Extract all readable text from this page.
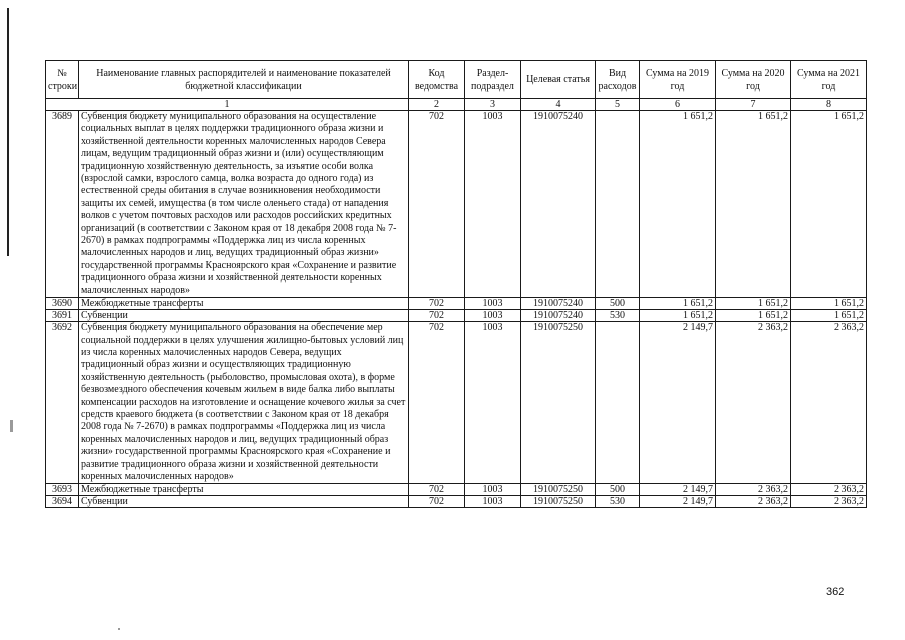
№ строки	Наименование главных распорядителей и наименование показателей бюджетной классификации	Код ведомства	Раздел-подраздел	Целевая статья	Вид расходов	Сумма на 2019 год	Сумма на 2020 год	Сумма на 2021 год
1		2	3	4	5	6	7	8
3689	Субвенция бюджету муниципального образования на осуществление социальных выплат в целях поддержки традиционного образа жизни и хозяйственной деятельности коренных малочисленных народов Севера лицам, ведущим традиционный образ жизни и (или) осуществляющим традиционную хозяйственную деятельность, за изъятие особи волка (взрослой самки, взрослого самца, волка возраста до одного года) из естественной среды обитания в случае возникновения необходимости защиты их семей, имущества (в том числе оленьего стада) от нападения волков с учетом почтовых расходов или расходов российских кредитных организаций (в соответствии с Законом края от 18 декабря 2008 года № 7-2670) в рамках подпрограммы «Поддержка лиц из числа коренных малочисленных народов и лиц, ведущих традиционный образ жизни» государственной программы Красноярского края «Сохранение и развитие традиционного образа жизни и хозяйственной деятельности коренных малочисленных народов»	702	1003	1910075240		1 651,2	1 651,2	1 651,2
3690	Межбюджетные трансферты	702	1003	1910075240	500	1 651,2	1 651,2	1 651,2
3691	Субвенции	702	1003	1910075240	530	1 651,2	1 651,2	1 651,2
3692	Субвенция бюджету муниципального образования на обеспечение мер социальной поддержки в целях улучшения жилищно-бытовых условий лиц из числа коренных малочисленных народов Севера, ведущих традиционный образ жизни и осуществляющих традиционную хозяйственную деятельность (рыболовство, промысловая охота), в форме безвозмездного обеспечения кочевым жильем в виде балка либо выплаты компенсации расходов на изготовление и оснащение кочевого жилья за счет средств краевого бюджета (в соответствии с Законом края от 18 декабря 2008 года № 7-2670) в рамках подпрограммы «Поддержка лиц из числа коренных малочисленных народов и лиц, ведущих традиционный образ жизни» государственной программы Красноярского края «Сохранение и развитие традиционного образа жизни и хозяйственной деятельности коренных малочисленных народов»	702	1003	1910075250		2 149,7	2 363,2	2 363,2
3693	Межбюджетные трансферты	702	1003	1910075250	500	2 149,7	2 363,2	2 363,2
3694	Субвенции	702	1003	1910075250	530	2 149,7	2 363,2	2 363,2
362
